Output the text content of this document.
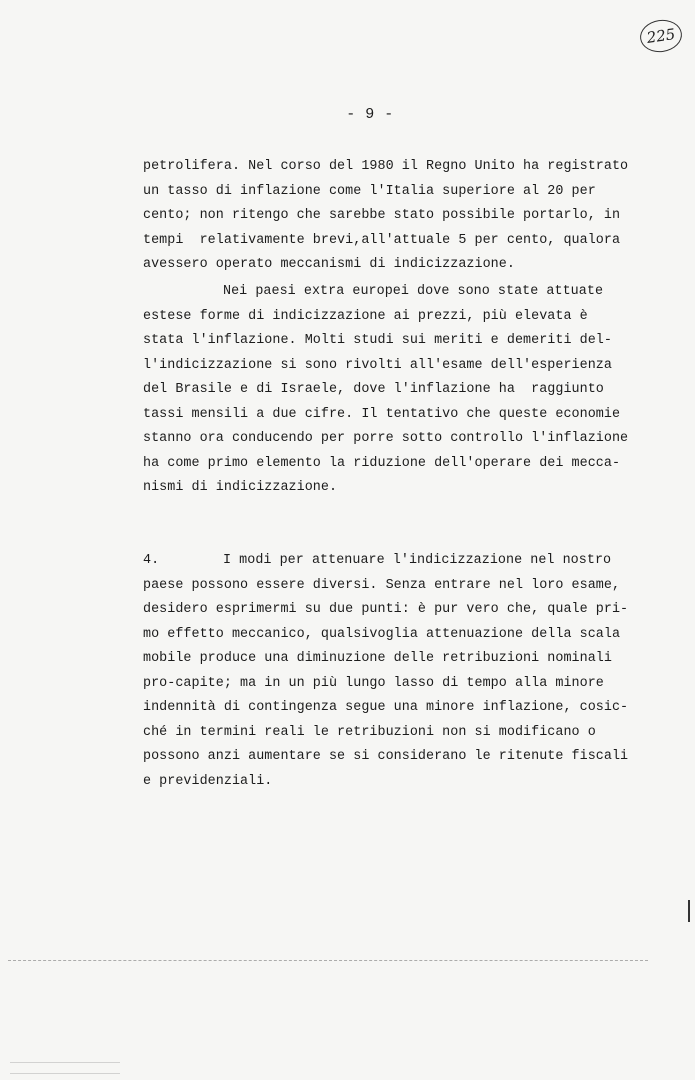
225
- 9 -
petrolifera. Nel corso del 1980 il Regno Unito ha registrato
un tasso di inflazione come l'Italia superiore al 20 per
cento; non ritengo che sarebbe stato possibile portarlo, in
tempi  relativamente brevi,all'attuale 5 per cento, qualora
avessero operato meccanismi di indicizzazione.
Nei paesi extra europei dove sono state attuate
estese forme di indicizzazione ai prezzi, più elevata è
stata l'inflazione. Molti studi sui meriti e demeriti del-
l'indicizzazione si sono rivolti all'esame dell'esperienza
del Brasile e di Israele, dove l'inflazione ha  raggiunto
tassi mensili a due cifre. Il tentativo che queste economie
stanno ora conducendo per porre sotto controllo l'inflazione
ha come primo elemento la riduzione dell'operare dei mecca-
nismi di indicizzazione.
4.	I modi per attenuare l'indicizzazione nel nostro
paese possono essere diversi. Senza entrare nel loro esame,
desidero esprimermi su due punti: è pur vero che, quale pri-
mo effetto meccanico, qualsivoglia attenuazione della scala
mobile produce una diminuzione delle retribuzioni nominali
pro-capite; ma in un più lungo lasso di tempo alla minore
indennità di contingenza segue una minore inflazione, cosic-
ché in termini reali le retribuzioni non si modificano o
possono anzi aumentare se si considerano le ritenute fiscali
e previdenziali.
